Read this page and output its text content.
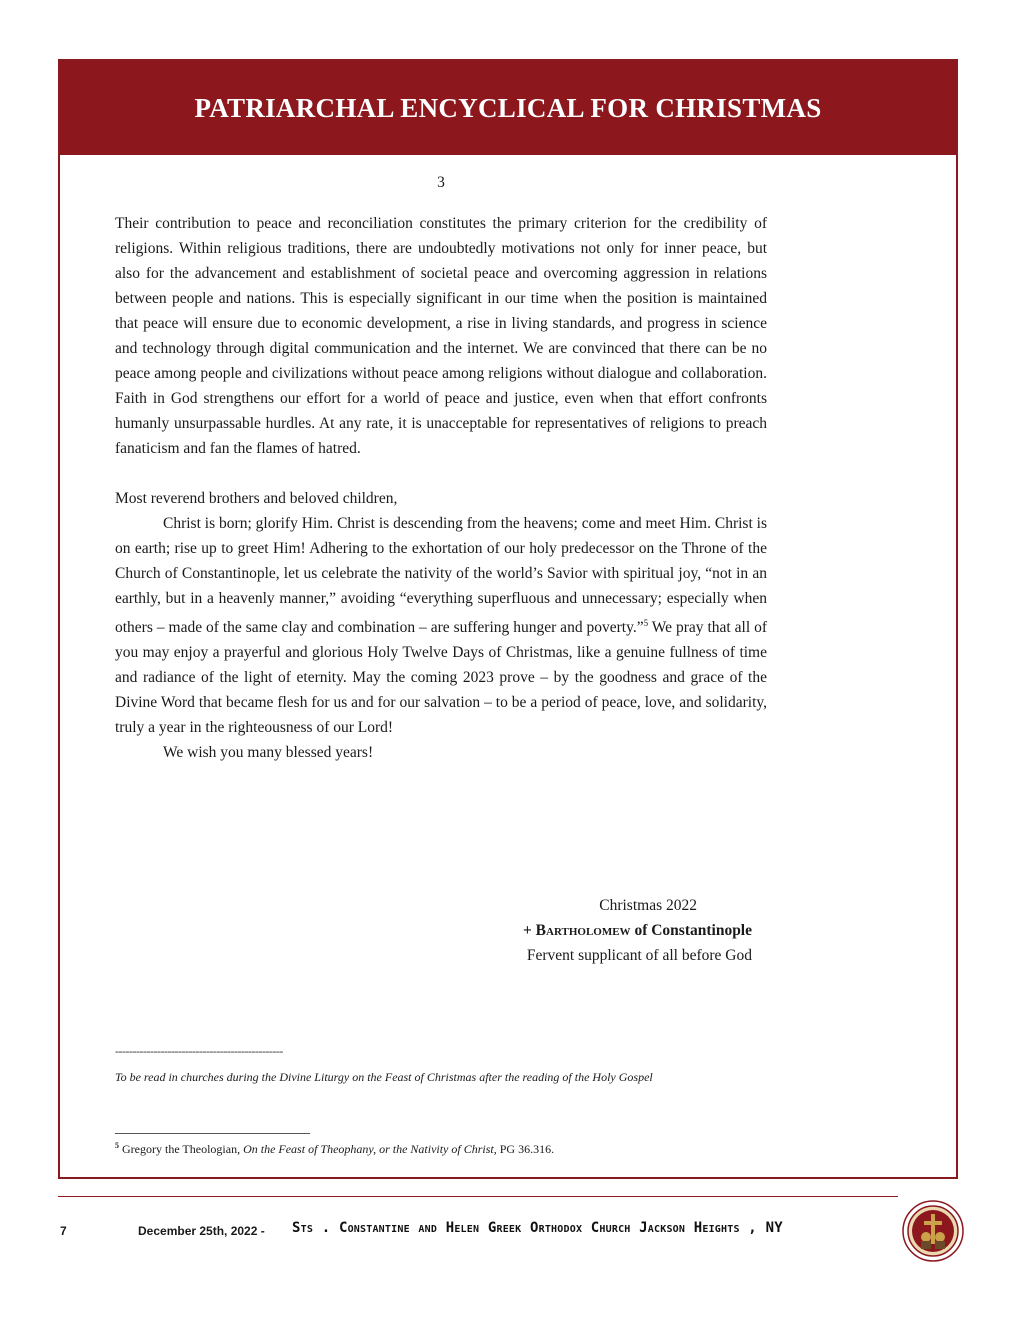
PATRIARCHAL ENCYCLICAL FOR CHRISTMAS
3

Their contribution to peace and reconciliation constitutes the primary criterion for the credibility of religions. Within religious traditions, there are undoubtedly motivations not only for inner peace, but also for the advancement and establishment of societal peace and overcoming aggression in relations between people and nations. This is especially significant in our time when the position is maintained that peace will ensure due to economic development, a rise in living standards, and progress in science and technology through digital communication and the internet. We are convinced that there can be no peace among people and civilizations without peace among religions without dialogue and collaboration. Faith in God strengthens our effort for a world of peace and justice, even when that effort confronts humanly unsurpassable hurdles. At any rate, it is unacceptable for representatives of religions to preach fanaticism and fan the flames of hatred.

Most reverend brothers and beloved children,

Christ is born; glorify Him. Christ is descending from the heavens; come and meet Him. Christ is on earth; rise up to greet Him! Adhering to the exhortation of our holy predecessor on the Throne of the Church of Constantinople, let us celebrate the nativity of the world’s Savior with spiritual joy, “not in an earthly, but in a heavenly manner,” avoiding “everything superfluous and unnecessary; especially when others – made of the same clay and combination – are suffering hunger and poverty.”$^5$ We pray that all of you may enjoy a prayerful and glorious Holy Twelve Days of Christmas, like a genuine fullness of time and radiance of the light of eternity. May the coming 2023 prove – by the goodness and grace of the Divine Word that became flesh for us and for our salvation – to be a period of peace, love, and solidarity, truly a year in the righteousness of our Lord!

We wish you many blessed years!

Christmas 2022
+ Bartholomew of Constantinople
Fervent supplicant of all before God
------------------------------------------------
To be read in churches during the Divine Liturgy on the Feast of Christmas after the reading of the Holy Gospel
$^5$ Gregory the Theologian, On the Feast of Theophany, or the Nativity of Christ, PG 36.316.
7	December 25th, 2022 - Sts . Constantine and Helen Greek Orthodox Church Jackson Heights , NY
